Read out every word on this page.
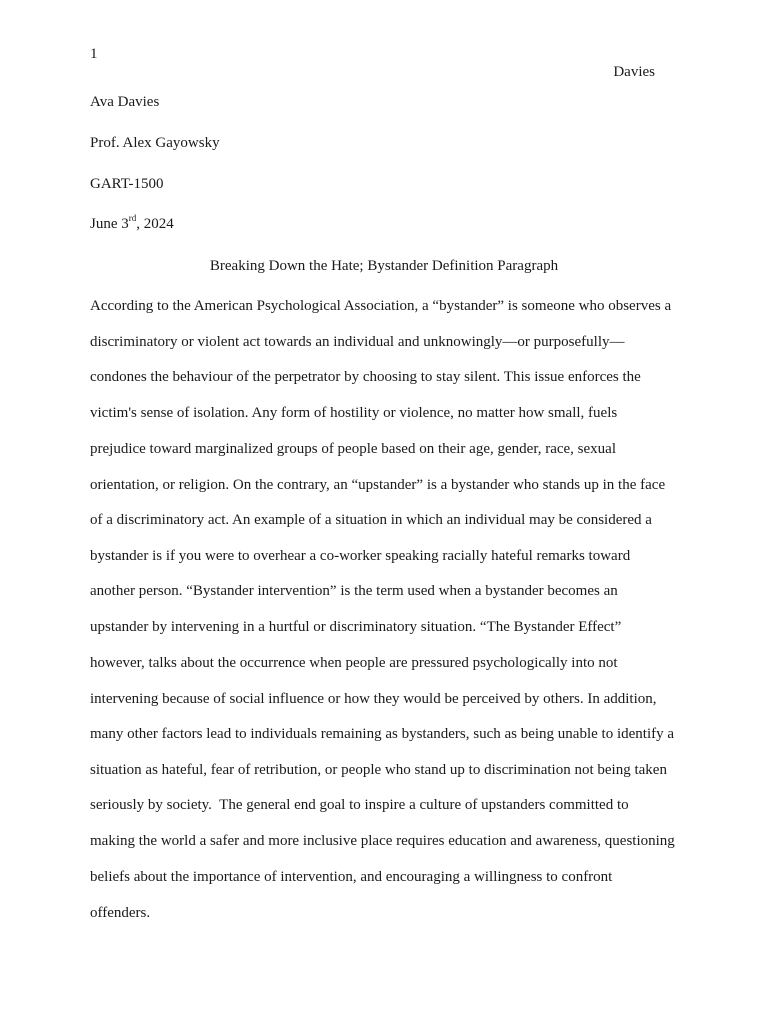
1
Davies
Ava Davies
Prof. Alex Gayowsky
GART-1500
June 3rd, 2024
Breaking Down the Hate; Bystander Definition Paragraph
According to the American Psychological Association, a “bystander” is someone who observes a
discriminatory or violent act towards an individual and unknowingly—or purposefully—
condones the behaviour of the perpetrator by choosing to stay silent. This issue enforces the
victim's sense of isolation. Any form of hostility or violence, no matter how small, fuels
prejudice toward marginalized groups of people based on their age, gender, race, sexual
orientation, or religion. On the contrary, an “upstander” is a bystander who stands up in the face
of a discriminatory act. An example of a situation in which an individual may be considered a
bystander is if you were to overhear a co-worker speaking racially hateful remarks toward
another person. “Bystander intervention” is the term used when a bystander becomes an
upstander by intervening in a hurtful or discriminatory situation. “The Bystander Effect”
however, talks about the occurrence when people are pressured psychologically into not
intervening because of social influence or how they would be perceived by others. In addition,
many other factors lead to individuals remaining as bystanders, such as being unable to identify a
situation as hateful, fear of retribution, or people who stand up to discrimination not being taken
seriously by society.  The general end goal to inspire a culture of upstanders committed to
making the world a safer and more inclusive place requires education and awareness, questioning
beliefs about the importance of intervention, and encouraging a willingness to confront
offenders.
